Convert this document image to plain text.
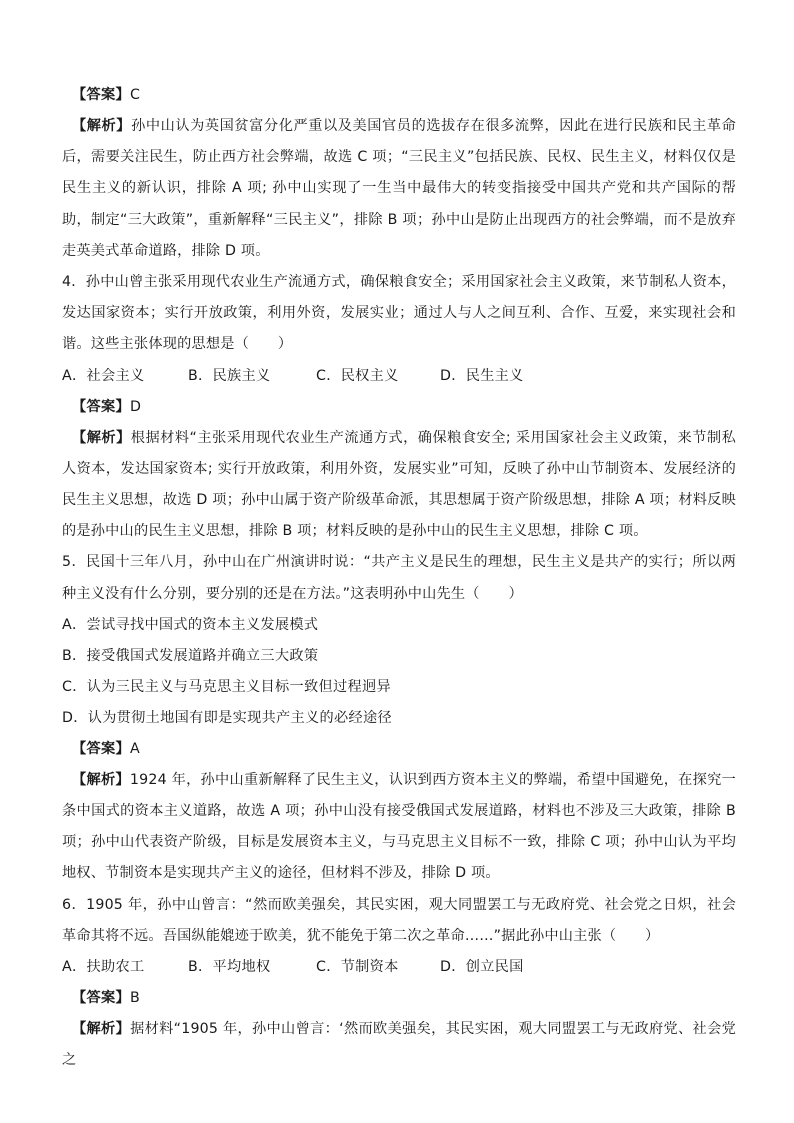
【答案】C

【解析】孙中山认为英国贫富分化严重以及美国官员的选拔存在很多流弊，因此在进行民族和民主革命后，需要关注民生，防止西方社会弊端，故选 C 项；“三民主义”包括民族、民权、民生主义，材料仅仅是民生主义的新认识，排除 A 项; 孙中山实现了一生当中最伟大的转变指接受中国共产党和共产国际的帮助，制定“三大政策”，重新解释“三民主义”，排除 B 项；孙中山是防止出现西方的社会弊端，而不是放弃走英美式革命道路，排除 D 项。

4．孙中山曾主张采用现代农业生产流通方式，确保粮食安全；采用国家社会主义政策，来节制私人资本，发达国家资本；实行开放政策，利用外资，发展实业；通过人与人之间互利、合作、互爱，来实现社会和谐。这些主张体现的思想是（　　）

A．社会主义	B．民族主义	C．民权主义	D．民生主义
【答案】D

【解析】根据材料“主张采用现代农业生产流通方式，确保粮食安全; 采用国家社会主义政策，来节制私人资本，发达国家资本; 实行开放政策，利用外资，发展实业”可知，反映了孙中山节制资本、发展经济的民生主义思想，故选 D 项；孙中山属于资产阶级革命派，其思想属于资产阶级思想，排除 A 项；材料反映的是孙中山的民生主义思想，排除 B 项；材料反映的是孙中山的民生主义思想，排除 C 项。

5．民国十三年八月，孙中山在广州演讲时说：“共产主义是民生的理想，民生主义是共产的实行；所以两种主义没有什么分别，要分别的还是在方法。”这表明孙中山先生（　　）

A．尝试寻找中国式的资本主义发展模式
B．接受俄国式发展道路并确立三大政策
C．认为三民主义与马克思主义目标一致但过程迥异
D．认为贯彻土地国有即是实现共产主义的必经途径
【答案】A

【解析】1924 年，孙中山重新解释了民生主义，认识到西方资本主义的弊端，希望中国避免，在探究一条中国式的资本主义道路，故选 A 项；孙中山没有接受俄国式发展道路，材料也不涉及三大政策，排除 B 项；孙中山代表资产阶级，目标是发展资本主义，与马克思主义目标不一致，排除 C 项；孙中山认为平均地权、节制资本是实现共产主义的途径，但材料不涉及，排除 D 项。

6．1905 年，孙中山曾言：“然而欧美强矣，其民实困，观大同盟罢工与无政府党、社会党之日炽，社会革命其将不远。吾国纵能媲迹于欧美，犹不能免于第二次之革命……”据此孙中山主张（　　）

A．扶助农工	B．平均地权	C．节制资本	D．创立民国
【答案】B

【解析】据材料“1905 年，孙中山曾言：‘然而欧美强矣，其民实困，观大同盟罢工与无政府党、社会党之
